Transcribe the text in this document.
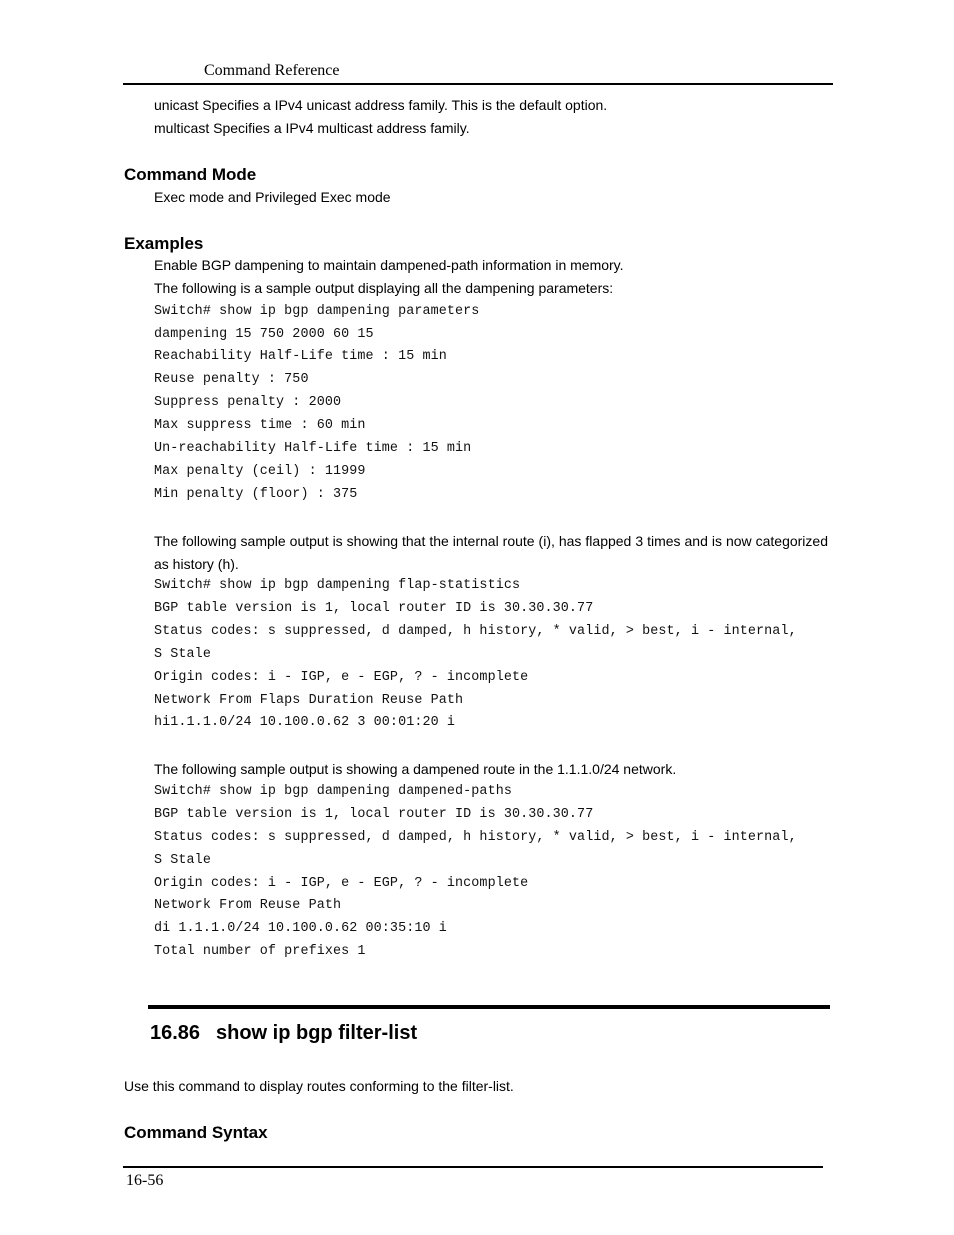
Command Reference
unicast Specifies a IPv4 unicast address family. This is the default option.
multicast Specifies a IPv4 multicast address family.
Command Mode
Exec mode and Privileged Exec mode
Examples
Enable BGP dampening to maintain dampened-path information in memory.
The following is a sample output displaying all the dampening parameters:
Switch# show ip bgp dampening parameters
dampening 15 750 2000 60 15
Reachability Half-Life time : 15 min
Reuse penalty : 750
Suppress penalty : 2000
Max suppress time : 60 min
Un-reachability Half-Life time : 15 min
Max penalty (ceil) : 11999
Min penalty (floor) : 375
The following sample output is showing that the internal route (i), has flapped 3 times and is now categorized as history (h).
Switch# show ip bgp dampening flap-statistics
BGP table version is 1, local router ID is 30.30.30.77
Status codes: s suppressed, d damped, h history, * valid, > best, i - internal,
S Stale
Origin codes: i - IGP, e - EGP, ? - incomplete
Network From Flaps Duration Reuse Path
hi1.1.1.0/24 10.100.0.62 3 00:01:20 i
The following sample output is showing a dampened route in the 1.1.1.0/24 network.
Switch# show ip bgp dampening dampened-paths
BGP table version is 1, local router ID is 30.30.30.77
Status codes: s suppressed, d damped, h history, * valid, > best, i - internal,
S Stale
Origin codes: i - IGP, e - EGP, ? - incomplete
Network From Reuse Path
di 1.1.1.0/24 10.100.0.62 00:35:10 i
Total number of prefixes 1
16.86 show ip bgp filter-list
Use this command to display routes conforming to the filter-list.
Command Syntax
16-56
